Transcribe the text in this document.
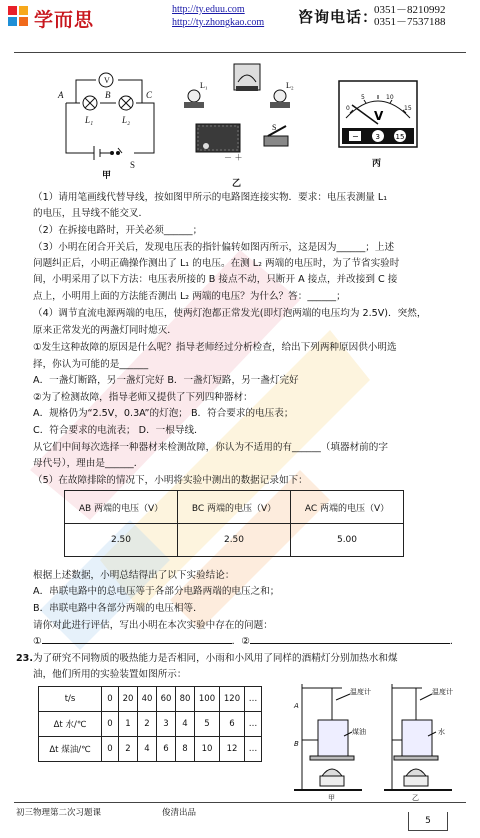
学而思	http://ty.eduu.com
http://ty.zhongkao.com 咨询电话：
0351－8210992
0351－7537188
V
A	B	C
L₁	L₂
S
甲
L₁	L₂
－ ＋
S
乙
0
5	10
15
V
− 3 15
丙
（1）请用笔画线代替导线，按如图甲所示的电路图连接实物．要求：电压表测量 L₁
的电压，且导线不能交叉．
（2）在拆接电路时，开关必须______；
（3）小明在闭合开关后，发现电压表的指针偏转如图丙所示，这是因为______；上述
问题纠正后，小明正确操作测出了 L₁ 的电压。在测 L₂ 两端的电压时，为了节省实验时
间，小明采用了以下方法：电压表所接的 B 接点不动，只断开 A 接点，并改接到 C 接
点上，小明用上面的方法能否测出 L₂ 两端的电压？为什么？答：______；
（4）调节直流电源两端的电压，使两灯泡都正常发光(即灯泡两端的电压均为 2.5V)．突然，
原来正常发光的两盏灯同时熄灭．
①发生这种故障的原因是什么呢？指导老师经过分析检查，给出下列两种原因供小明选
择，你认为可能的是______
A．一盏灯断路，另一盏灯完好 B．一盏灯短路，另一盏灯完好
②为了检测故障，指导老师又提供了下列四种器材：
A．规格仍为“2.5V，0.3A”的灯泡； B．符合要求的电压表；
C．符合要求的电流表； D．一根导线．
从它们中间每次选择一种器材来检测故障，你认为不适用的有______（填器材前的字
母代号），理由是______．
（5）在故障排除的情况下，小明将实验中测出的数据记录如下：
AB 两端的电压（V）	BC 两端的电压（V）	AC 两端的电压（V）
2.50	2.50	5.00
根据上述数据，小明总结得出了以下实验结论：
A．串联电路中的总电压等于各部分电路两端的电压之和；
B．串联电路中各部分两端的电压相等．
请你对此进行评估，写出小明在本次实验中存在的问题：
①	．②	．
23. 为了研究不同物质的吸热能力是否相同，小雨和小风用了同样的酒精灯分别加热水和煤
油，他们所用的实验装置如图所示：
t/s	0	20	40	60	80	100	120	…
Δt 水/℃	0	1	2	3	4	5	6	…
Δt 煤油/℃	0	2	4	6	8	10	12	…
A
B
温度计	温度计
煤油	水
甲	乙
初三物理第二次习题课	俊清出品
5
